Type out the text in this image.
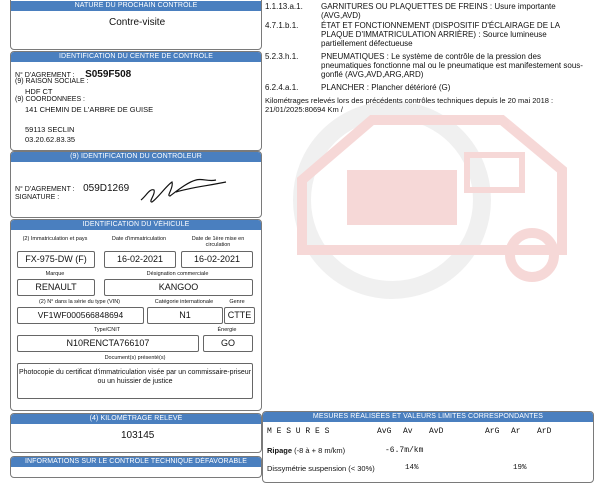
NATURE DU PROCHAIN CONTRÔLE
Contre-visite
IDENTIFICATION DU CENTRE DE CONTRÔLE
N° D'AGREMENT : S059F508
(9) RAISON SOCIALE :
HDF CT
(9) COORDONNEES :
141 CHEMIN DE L'ARBRE DE GUISE
59113 SECLIN
03.20.62.83.35
(9) IDENTIFICATION DU CONTRÔLEUR
N° D'AGREMENT : 059D1269
SIGNATURE :
IDENTIFICATION DU VÉHICULE
(2) Immatriculation et pays	Date d'immatriculation	Date de 1ère mise en circulation
FX-975-DW (F)	16-02-2021	16-02-2021
Marque	Désignation commerciale
RENAULT	KANGOO
(2) N° dans la série du type (VIN)	Catégorie internationale	Genre
VF1WF000566848694	N1	CTTE
Type/CNIT	Énergie
N10RENCTA766107	GO
Document(s) présenté(s)
Photocopie du certificat d'immatriculation visée par un commissaire-priseur ou un huissier de justice
(4) KILOMÉTRAGE RELEVÉ
103145
INFORMATIONS SUR LE CONTRÔLE TECHNIQUE DÉFAVORABLE
1.1.13.a.1.	GARNITURES OU PLAQUETTES DE FREINS : Usure importante (AVG,AVD)
4.7.1.b.1.	ÉTAT ET FONCTIONNEMENT (DISPOSITIF D'ÉCLAIRAGE DE LA PLAQUE D'IMMATRICULATION ARRIÈRE) : Source lumineuse partiellement défectueuse
5.2.3.h.1.	PNEUMATIQUES : Le système de contrôle de la pression des pneumatiques fonctionne mal ou le pneumatique est manifestement sous-gonflé (AVG,AVD,ARG,ARD)
6.2.4.a.1.	PLANCHER : Plancher détérioré (G)
Kilométrages relevés lors des précédents contrôles techniques depuis le 20 mai 2018 :
21/01/2025:80694 Km /
MESURES RÉALISÉES ET VALEURS LIMITES CORRESPONDANTES
M E S U R E S	AvG Av AvD	ArG Ar ArD
Ripage (-8 à + 8 m/km)	-6.7m/km
Dissymétrie suspension (< 30%)	14%	19%
